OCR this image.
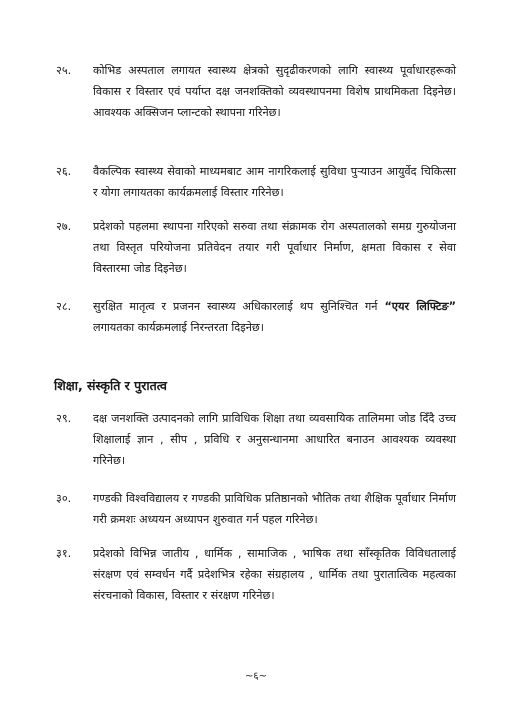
२५.	कोभिड अस्पताल लगायत स्वास्थ्य क्षेत्रको सुदृढीकरणको लागि स्वास्थ्य पूर्वाधारहरूको विकास र विस्तार एवं पर्याप्त दक्ष जनशक्तिको व्यवस्थापनमा विशेष प्राथमिकता दिइनेछ। आवश्यक अक्सिजन प्लान्टको स्थापना गरिनेछ।
२६.	वैकल्पिक स्वास्थ्य सेवाको माध्यमबाट आम नागरिकलाई सुविधा पुऱ्याउन आयुर्वेद चिकित्सा र योगा लगायतका कार्यक्रमलाई विस्तार गरिनेछ।
२७.	प्रदेशको पहलमा स्थापना गरिएको सरुवा तथा संक्रामक रोग अस्पतालको समग्र गुरुयोजना तथा विस्तृत परियोजना प्रतिवेदन तयार गरी पूर्वाधार निर्माण, क्षमता विकास र सेवा विस्तारमा जोड दिइनेछ।
२८.	सुरक्षित मातृत्व र प्रजनन स्वास्थ्य अधिकारलाई थप सुनिश्चित गर्न “एयर लिफ्टिङ” लगायतका कार्यक्रमलाई निरन्तरता दिइनेछ।
शिक्षा, संस्कृति र पुरातत्व
२९.	दक्ष जनशक्ति उत्पादनको लागि प्राविधिक शिक्षा तथा व्यवसायिक तालिममा जोड दिँदै उच्च शिक्षालाई ज्ञान , सीप , प्रविधि र अनुसन्धानमा आधारित बनाउन आवश्यक व्यवस्था गरिनेछ।
३०.	गण्डकी विश्वविद्यालय र गण्डकी प्राविधिक प्रतिष्ठानको भौतिक तथा शैक्षिक पूर्वाधार निर्माण गरी क्रमशः अध्ययन अध्यापन शुरुवात गर्न पहल गरिनेछ।
३१.	प्रदेशको विभिन्न जातीय , धार्मिक , सामाजिक , भाषिक तथा साँस्कृतिक विविधतालाई संरक्षण एवं सम्वर्धन गर्दै प्रदेशभित्र रहेका संग्रहालय , धार्मिक तथा पुरातात्विक महत्वका संरचनाको विकास, विस्तार र संरक्षण गरिनेछ।
~६~
